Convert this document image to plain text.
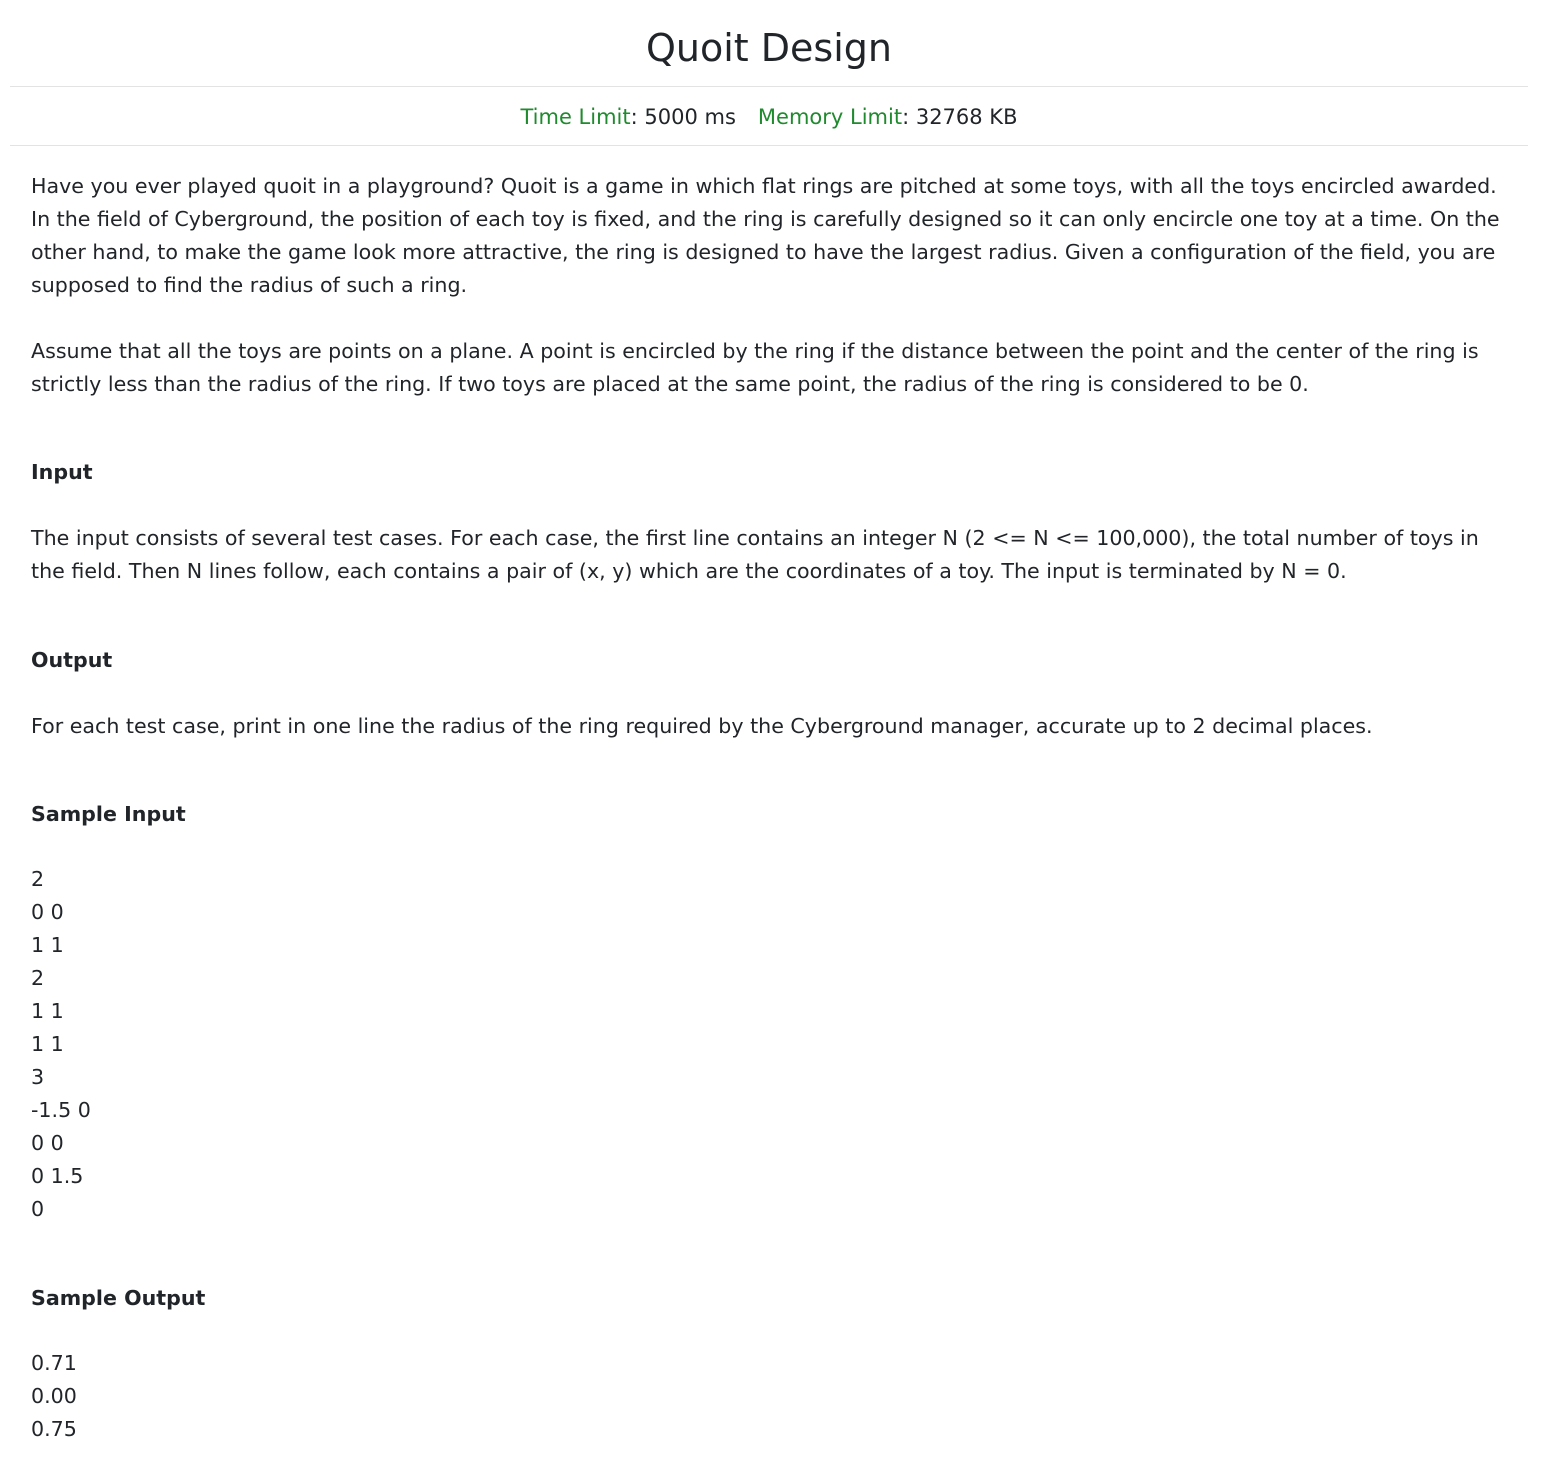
Quoit Design
Time Limit: 5000 ms Memory Limit: 32768 KB

Have you ever played quoit in a playground? Quoit is a game in which flat rings are pitched at some toys, with all the toys encircled awarded.
In the field of Cyberground, the position of each toy is fixed, and the ring is carefully designed so it can only encircle one toy at a time. On the other hand, to make the game look more attractive, the ring is designed to have the largest radius. Given a configuration of the field, you are supposed to find the radius of such a ring.

Assume that all the toys are points on a plane. A point is encircled by the ring if the distance between the point and the center of the ring is strictly less than the radius of the ring. If two toys are placed at the same point, the radius of the ring is considered to be 0.

Input

The input consists of several test cases. For each case, the first line contains an integer N (2 <= N <= 100,000), the total number of toys in the field. Then N lines follow, each contains a pair of (x, y) which are the coordinates of a toy. The input is terminated by N = 0.

Output

For each test case, print in one line the radius of the ring required by the Cyberground manager, accurate up to 2 decimal places.

Sample Input
2
0 0
1 1
2
1 1
1 1
3
-1.5 0
0 0
0 1.5
0
Sample Output
0.71
0.00
0.75
